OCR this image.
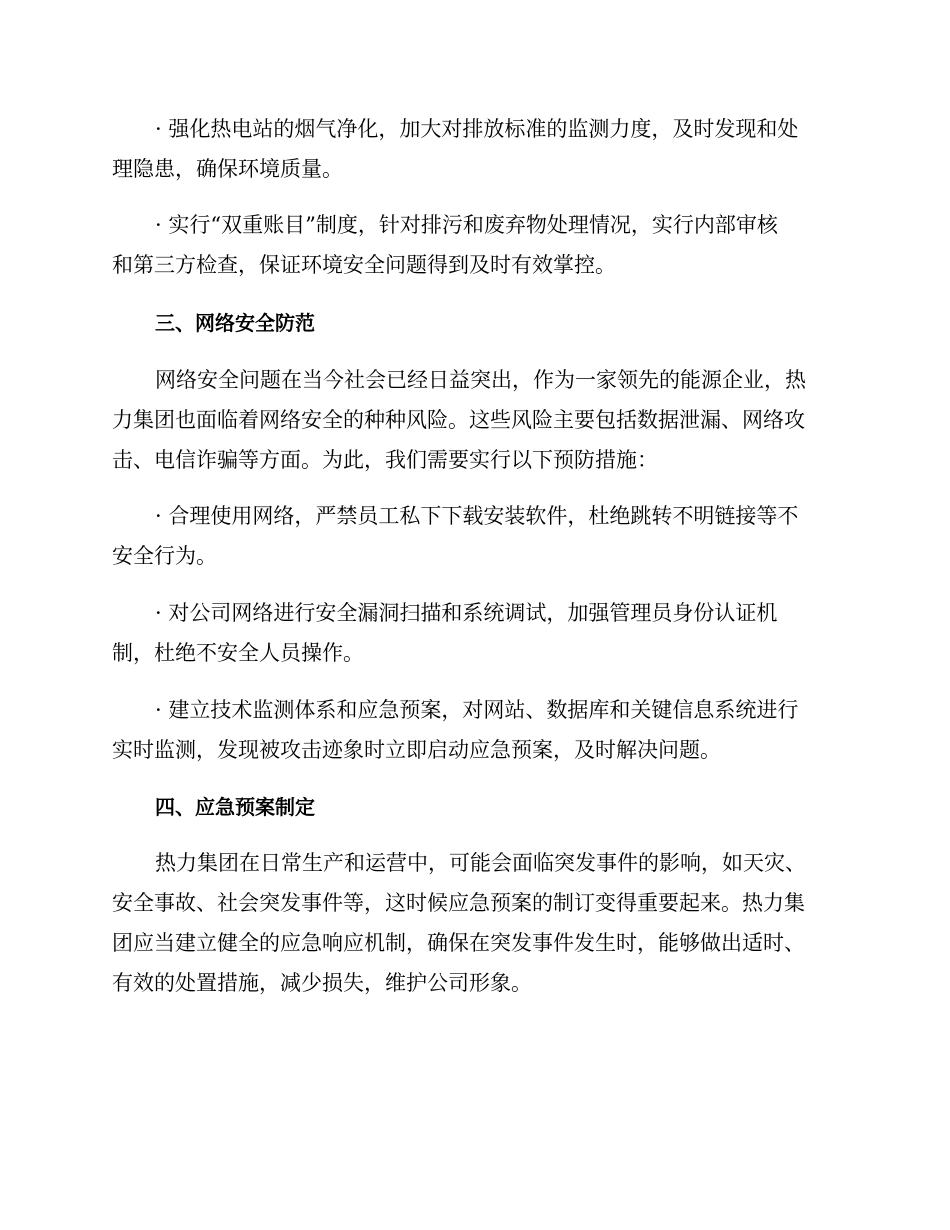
· 强化热电站的烟气净化，加大对排放标准的监测力度，及时发现和处
理隐患，确保环境质量。
· 实行“双重账目”制度，针对排污和废弃物处理情况，实行内部审核
和第三方检查，保证环境安全问题得到及时有效掌控。
三、网络安全防范
网络安全问题在当今社会已经日益突出，作为一家领先的能源企业，热
力集团也面临着网络安全的种种风险。这些风险主要包括数据泄漏、网络攻
击、电信诈骗等方面。为此，我们需要实行以下预防措施：
· 合理使用网络，严禁员工私下下载安装软件，杜绝跳转不明链接等不
安全行为。
· 对公司网络进行安全漏洞扫描和系统调试，加强管理员身份认证机
制，杜绝不安全人员操作。
· 建立技术监测体系和应急预案，对网站、数据库和关键信息系统进行
实时监测，发现被攻击迹象时立即启动应急预案，及时解决问题。
四、应急预案制定
热力集团在日常生产和运营中，可能会面临突发事件的影响，如天灾、
安全事故、社会突发事件等，这时候应急预案的制订变得重要起来。热力集
团应当建立健全的应急响应机制，确保在突发事件发生时，能够做出适时、
有效的处置措施，减少损失，维护公司形象。
